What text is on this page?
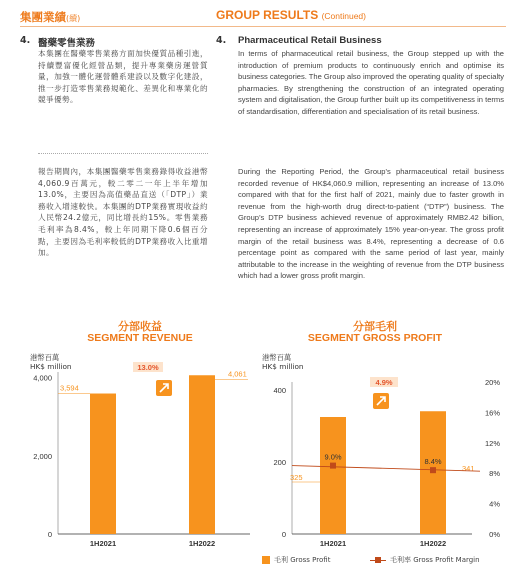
集團業績(續)	GROUP RESULTS (Continued)
4. 醫藥零售業務	4. Pharmaceutical Retail Business
本集團在醫藥零售業務方面加快優質品種引進，持續豐富優化經營品類，提升專業藥房運營質量，加強一體化運營體系建設以及數字化建設，推一步打造零售業務規範化、差異化和專業化的競爭優勢。
報告期間內，本集團醫藥零售業務錄得收益港幣4,060.9百萬元，較二零二一年上半年增加13.0%，主要因為高值藥品直送（「DTP」）業務收入增速較快。本集團的DTP業務實現收益約人民幣24.2億元，同比增長約15%。零售業務毛利率為8.4%，較上年同期下降0.6個百分點，主要因為毛利率較低的DTP業務收入比重增加。
In terms of pharmaceutical retail business, the Group stepped up with the introduction of premium products to continuously enrich and optimise its business categories. The Group also improved the operating quality of specialty pharmacies. By strengthening the construction of an integrated operating system and digitalisation, the Group further built up its competitiveness in terms of standardisation, differentiation and specialisation of its retail business.
During the Reporting Period, the Group’s pharmaceutical retail business recorded revenue of HK$4,060.9 million, representing an increase of 13.0% compared with that for the first half of 2021, mainly due to faster growth in revenue from the high-worth drug direct-to-patient (“DTP”) business. The Group’s DTP business achieved revenue of approximately RMB2.42 billion, representing an increase of approximately 15% year-on-year. The gross profit margin of the retail business was 8.4%, representing a decrease of 0.6 percentage point as compared with the same period of last year, mainly attributable to the increase in the weighting of revenue from the DTP business which had a lower gross profit margin.
分部收益
SEGMENT REVENUE
港幣百萬
HK$ million
分部毛利
SEGMENT GROSS PROFIT
港幣百萬
HK$ million
0
2,000
4,000
1H2021	1H2022
3,594
4,061
13.0%
0
200
400
0%
4%
8%
12%
16%
20%
1H2021	1H2022
325
341
9.0%
8.4%
4.9%
毛利 Gross Profit	毛利率 Gross Profit Margin
